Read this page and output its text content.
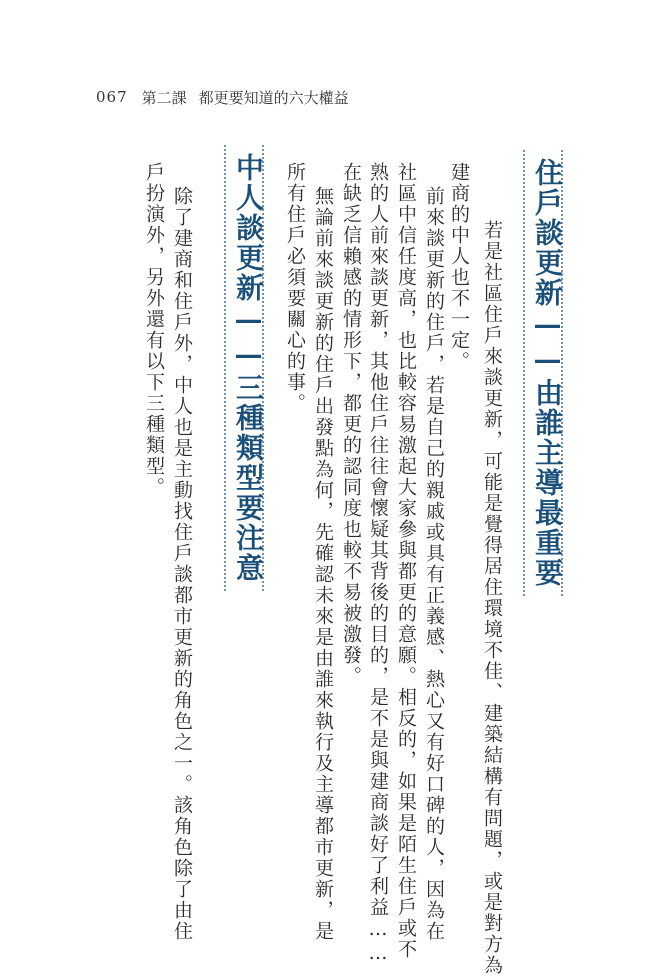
067 第二課 都更要知道的六大權益
住戶談更新——由誰主導最重要
若是社區住戶來談更新，可能是覺得居住環境不佳、建築結構有問題，或是對方為
建商的中人也不一定。
前來談更新的住戶，若是自己的親戚或具有正義感、熱心又有好口碑的人，因為在
社區中信任度高，也比較容易激起大家參與都更的意願。相反的，如果是陌生住戶或不
熟的人前來談更新，其他住戶往往會懷疑其背後的目的，是不是與建商談好了利益……
在缺乏信賴感的情形下，都更的認同度也較不易被激發。
無論前來談更新的住戶出發點為何，先確認未來是由誰來執行及主導都市更新，是
所有住戶必須要關心的事。
中人談更新——三種類型要注意
除了建商和住戶外，中人也是主動找住戶談都市更新的角色之一。該角色除了由住
戶扮演外，另外還有以下三種類型。
